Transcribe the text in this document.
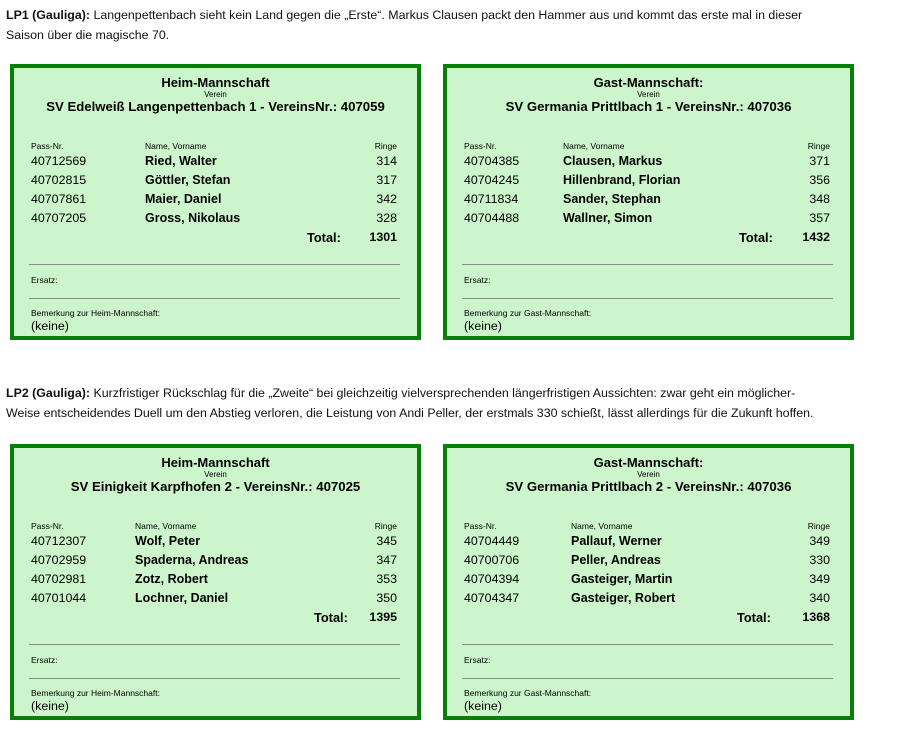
LP1 (Gauliga): Langenpettenbach sieht kein Land gegen die „Erste“. Markus Clausen packt den Hammer aus und kommt das erste mal in dieser
Saison über die magische 70.
Heim-Mannschaft
Verein
SV Edelweiß Langenpettenbach 1 - VereinsNr.: 407059
Pass-Nr.	Name, Vorname	Ringe
40712569	Ried, Walter	314
40702815	Göttler, Stefan	317
40707861	Maier, Daniel	342
40707205	Gross, Nikolaus	328
Total: 1301
Ersatz:
Bemerkung zur Heim-Mannschaft:
(keine)
Gast-Mannschaft:
Verein
SV Germania Prittlbach 1 - VereinsNr.: 407036
Pass-Nr.	Name, Vorname	Ringe
40704385	Clausen, Markus	371
40704245	Hillenbrand, Florian	356
40711834	Sander, Stephan	348
40704488	Wallner, Simon	357
Total: 1432
Ersatz:
Bemerkung zur Gast-Mannschaft:
(keine)
LP2 (Gauliga): Kurzfristiger Rückschlag für die „Zweite“ bei gleichzeitig vielversprechenden längerfristigen Aussichten: zwar geht ein möglicher-
Weise entscheidendes Duell um den Abstieg verloren, die Leistung von Andi Peller, der erstmals 330 schießt, lässt allerdings für die Zukunft hoffen.
Heim-Mannschaft
Verein
SV Einigkeit Karpfhofen 2 - VereinsNr.: 407025
Pass-Nr.	Name, Vorname	Ringe
40712307	Wolf, Peter	345
40702959	Spaderna, Andreas	347
40702981	Zotz, Robert	353
40701044	Lochner, Daniel	350
Total: 1395
Ersatz:
Bemerkung zur Heim-Mannschaft:
(keine)
Gast-Mannschaft:
Verein
SV Germania Prittlbach 2 - VereinsNr.: 407036
Pass-Nr.	Name, Vorname	Ringe
40704449	Pallauf, Werner	349
40700706	Peller, Andreas	330
40704394	Gasteiger, Martin	349
40704347	Gasteiger, Robert	340
Total:	1368
Ersatz:
Bemerkung zur Gast-Mannschaft:
(keine)
